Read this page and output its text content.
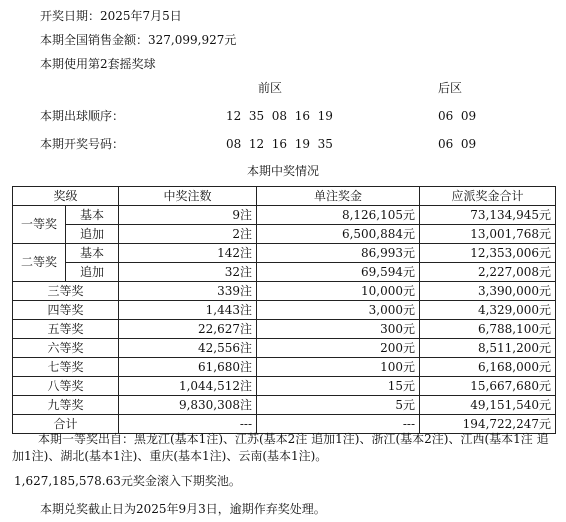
开奖日期：2025年7月5日
本期全国销售金额：327,099,927元
本期使用第2套摇奖球
前区	后区
本期出球顺序：	12  35  08  16  19	06  09
本期开奖号码：	08  12  16  19  35	06  09
本期中奖情况
奖级		中奖注数	单注奖金	应派奖金合计
一等奖	基本	9注	8,126,105元	73,134,945元
	追加	2注	6,500,884元	13,001,768元
二等奖	基本	142注	86,993元	12,353,006元
	追加	32注	69,594元	2,227,008元
三等奖		339注	10,000元	3,390,000元
四等奖		1,443注	3,000元	4,329,000元
五等奖		22,627注	300元	6,788,100元
六等奖		42,556注	200元	8,511,200元
七等奖		61,680注	100元	6,168,000元
八等奖		1,044,512注	15元	15,667,680元
九等奖		9,830,308注	5元	49,151,540元
合计		---	---	194,722,247元
本期一等奖出自：黑龙江(基本1注)、江苏(基本2注 追加1注)、浙江(基本2注)、江西(基本1注 追加1注)、湖北(基本1注)、重庆(基本1注)、云南(基本1注)。
1,627,185,578.63元奖金滚入下期奖池。
本期兑奖截止日为2025年9月3日，逾期作弃奖处理。
